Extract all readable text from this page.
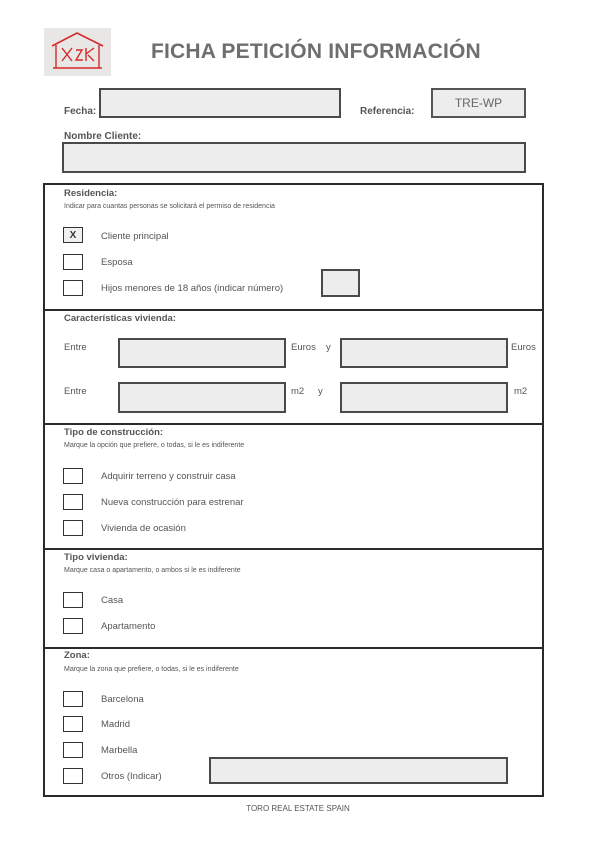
FICHA PETICIÓN INFORMACIÓN
Fecha:	Referencia:
TRE-WP
Nombre Cliente:
Residencia:
Indicar para cuantas personas se solicitará el permiso de residencia
X	Cliente principal
Esposa
Hijos menores de 18 años (indicar número)
Características vivienda:
Entre	Euros y	Euros
Entre	m2 y	m2
Tipo de construcción:
Marque la opción que prefiere, o todas, si le es indiferente
Adquirir terreno y construir casa
Nueva construcción para estrenar
Vivienda de ocasión
Tipo vivienda:
Marque casa o apartamento, o ambos si le es indiferente
Casa
Apartamento
Zona:
Marque la zona que prefiere, o todas, si le es indiferente
Barcelona
Madrid
Marbella
Otros (Indicar)
TORO REAL ESTATE SPAIN
